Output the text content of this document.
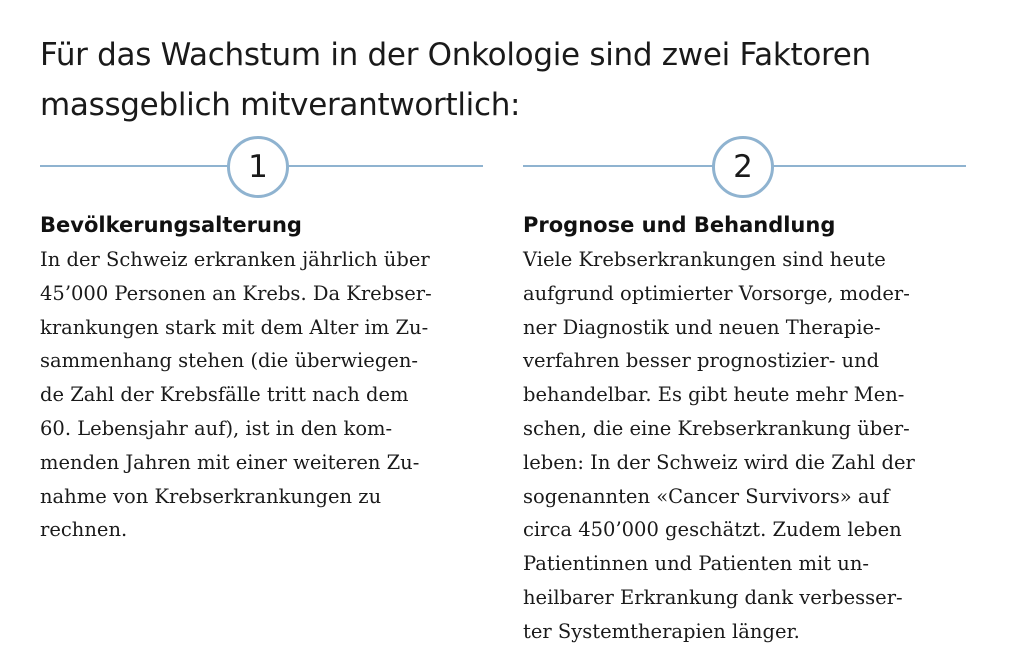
Für das Wachstum in der Onkologie sind zwei Faktoren
massgeblich mitverantwortlich:
1
Bevölkerungsalterung

In der Schweiz erkranken jährlich über
45’000 Personen an Krebs. Da Krebser-
krankungen stark mit dem Alter im Zu-
sammenhang stehen (die überwiegen-
de Zahl der Krebsfälle tritt nach dem
60. Lebensjahr auf), ist in den kom-
menden Jahren mit einer weiteren Zu-
nahme von Krebserkrankungen zu
rechnen.

2
Prognose und Behandlung

Viele Krebserkrankungen sind heute
aufgrund optimierter Vorsorge, moder-
ner Diagnostik und neuen Therapie-
verfahren besser prognostizier- und
behandelbar. Es gibt heute mehr Men-
schen, die eine Krebserkrankung über-
leben: In der Schweiz wird die Zahl der
sogenannten «Cancer Survivors» auf
circa 450’000 geschätzt. Zudem leben
Patientinnen und Patienten mit un-
heilbarer Erkrankung dank verbesser-
ter Systemtherapien länger.
